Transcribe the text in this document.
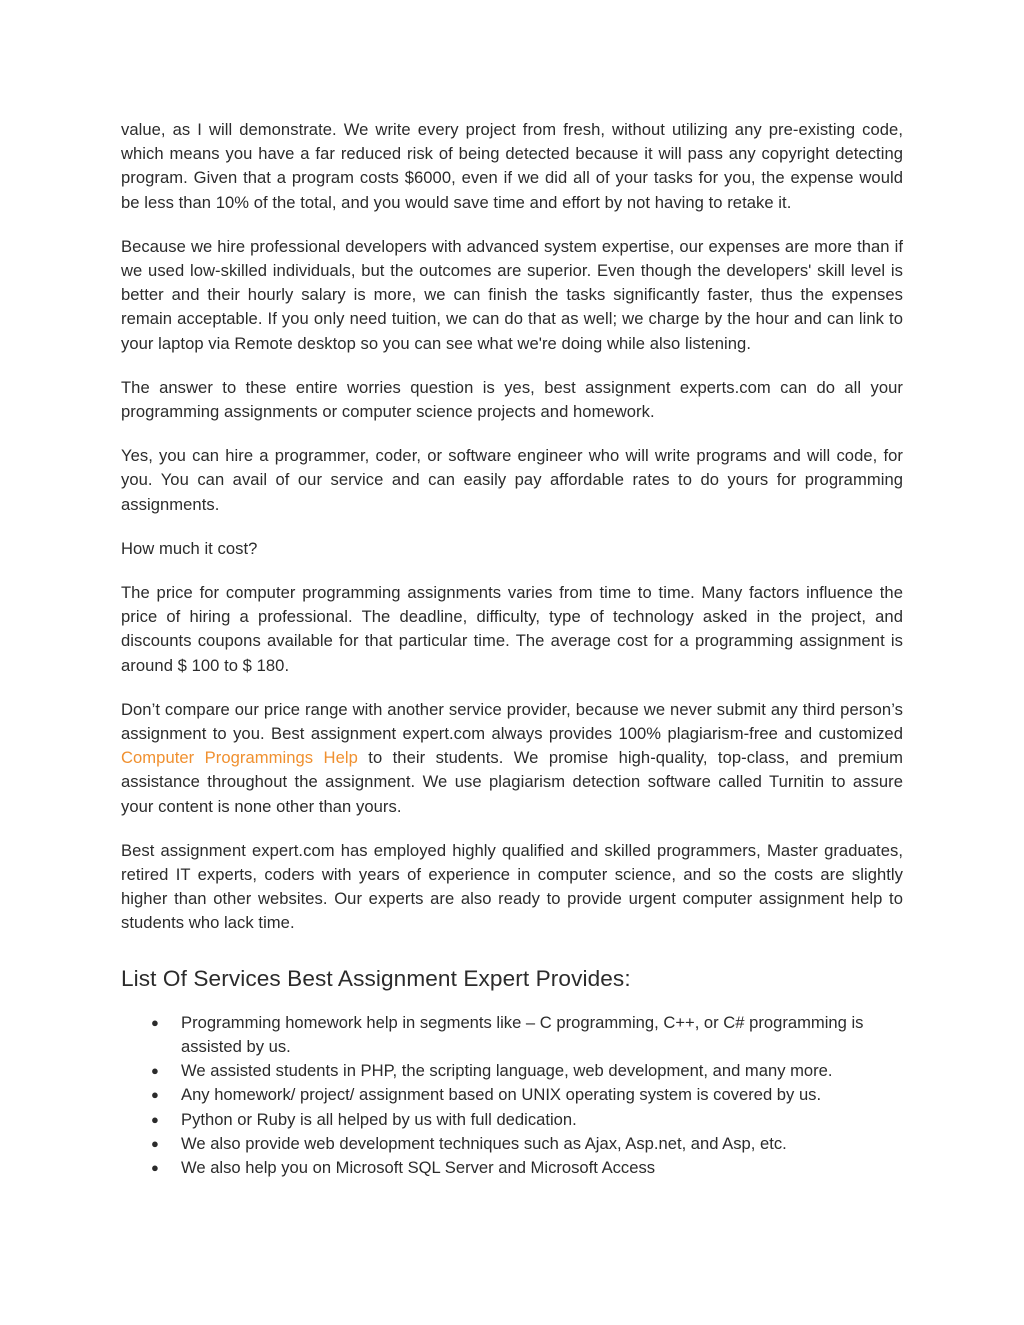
value, as I will demonstrate. We write every project from fresh, without utilizing any pre-existing code, which means you have a far reduced risk of being detected because it will pass any copyright detecting program. Given that a program costs $6000, even if we did all of your tasks for you, the expense would be less than 10% of the total, and you would save time and effort by not having to retake it.

Because we hire professional developers with advanced system expertise, our expenses are more than if we used low-skilled individuals, but the outcomes are superior. Even though the developers' skill level is better and their hourly salary is more, we can finish the tasks significantly faster, thus the expenses remain acceptable. If you only need tuition, we can do that as well; we charge by the hour and can link to your laptop via Remote desktop so you can see what we're doing while also listening.

The answer to these entire worries question is yes, best assignment experts.com can do all your programming assignments or computer science projects and homework.

Yes, you can hire a programmer, coder, or software engineer who will write programs and will code, for you. You can avail of our service and can easily pay affordable rates to do yours for programming assignments.

How much it cost?

The price for computer programming assignments varies from time to time. Many factors influence the price of hiring a professional. The deadline, difficulty, type of technology asked in the project, and discounts coupons available for that particular time. The average cost for a programming assignment is around $ 100 to $ 180.

Don’t compare our price range with another service provider, because we never submit any third person’s assignment to you. Best assignment expert.com always provides 100% plagiarism-free and customized Computer Programmings Help to their students. We promise high-quality, top-class, and premium assistance throughout the assignment. We use plagiarism detection software called Turnitin to assure your content is none other than yours.

Best assignment expert.com has employed highly qualified and skilled programmers, Master graduates, retired IT experts, coders with years of experience in computer science, and so the costs are slightly higher than other websites. Our experts are also ready to provide urgent computer assignment help to students who lack time.

List Of Services Best Assignment Expert Provides:
● Programming homework help in segments like – C programming, C++, or C# programming is assisted by us.
● We assisted students in PHP, the scripting language, web development, and many more.
● Any homework/ project/ assignment based on UNIX operating system is covered by us.
● Python or Ruby is all helped by us with full dedication.
● We also provide web development techniques such as Ajax, Asp.net, and Asp, etc.
● We also help you on Microsoft SQL Server and Microsoft Access
